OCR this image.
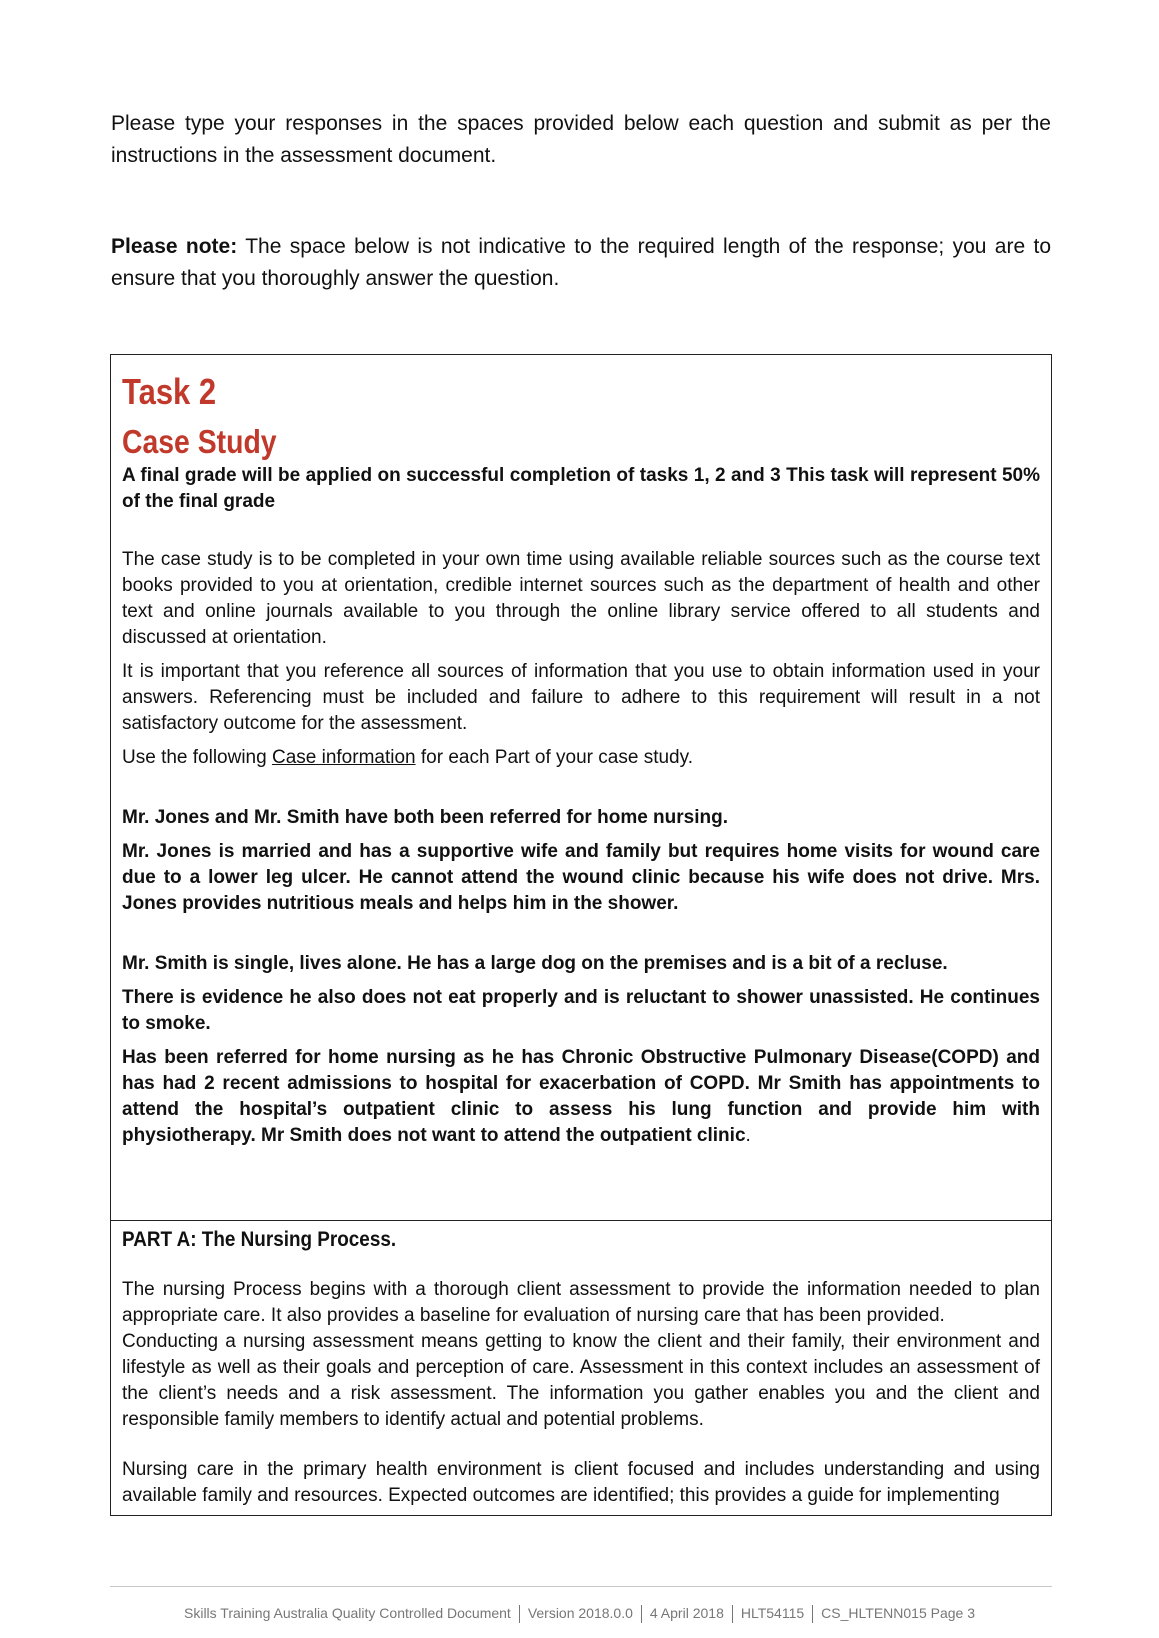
Please type your responses in the spaces provided below each question and submit as per the instructions in the assessment document.

Please note: The space below is not indicative to the required length of the response; you are to ensure that you thoroughly answer the question.

Task 2
Case Study

A final grade will be applied on successful completion of tasks 1, 2 and 3 This task will represent 50% of the final grade

The case study is to be completed in your own time using available reliable sources such as the course text books provided to you at orientation, credible internet sources such as the department of health and other text and online journals available to you through the online library service offered to all students and discussed at orientation.

It is important that you reference all sources of information that you use to obtain information used in your answers. Referencing must be included and failure to adhere to this requirement will result in a not satisfactory outcome for the assessment.

Use the following Case information for each Part of your case study.

Mr. Jones and Mr. Smith have both been referred for home nursing.

Mr. Jones is married and has a supportive wife and family but requires home visits for wound care due to a lower leg ulcer. He cannot attend the wound clinic because his wife does not drive. Mrs. Jones provides nutritious meals and helps him in the shower.

Mr. Smith is single, lives alone. He has a large dog on the premises and is a bit of a recluse.

There is evidence he also does not eat properly and is reluctant to shower unassisted. He continues to smoke.

Has been referred for home nursing as he has Chronic Obstructive Pulmonary Disease(COPD) and has had 2 recent admissions to hospital for exacerbation of COPD. Mr Smith has appointments to attend the hospital’s outpatient clinic to assess his lung function and provide him with physiotherapy. Mr Smith does not want to attend the outpatient clinic.

PART A: The Nursing Process.

The nursing Process begins with a thorough client assessment to provide the information needed to plan appropriate care. It also provides a baseline for evaluation of nursing care that has been provided.

Conducting a nursing assessment means getting to know the client and their family, their environment and lifestyle as well as their goals and perception of care. Assessment in this context includes an assessment of the client’s needs and a risk assessment. The information you gather enables you and the client and responsible family members to identify actual and potential problems.

Nursing care in the primary health environment is client focused and includes understanding and using available family and resources. Expected outcomes are identified; this provides a guide for implementing

Skills Training Australia Quality Controlled Document Version 2018.0.0 4 April 2018 HLT54115 CS_HLTENN015 Page 3
